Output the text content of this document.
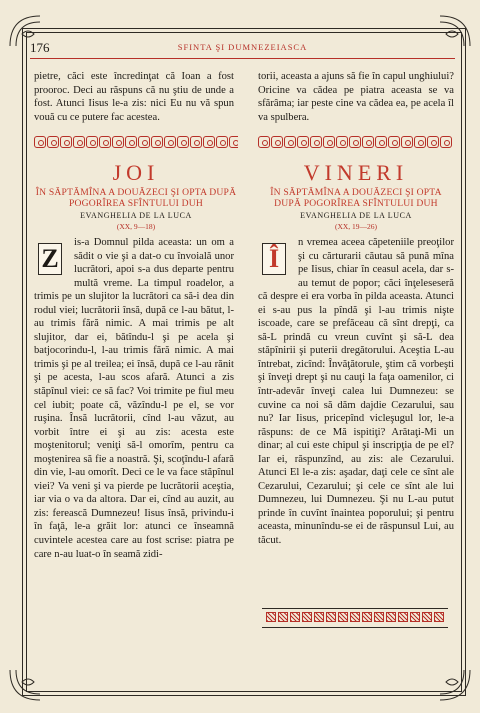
176	SFINTA ŞI DUMNEZEIASCA
pietre, căci este încredinţat că Ioan a fost prooroc. Deci au răspuns că nu ştiu de unde a fost. Atunci Iisus le-a zis: nici Eu nu vă spun vouă cu ce putere fac acestea.
torii, aceasta a ajuns să fie în capul unghiului? Oricine va cădea pe piatra aceasta se va sfărâma; iar peste cine va cădea ea, pe acela îl va spulbera.
JOI
ÎN SĂPTĂMÎNA A DOUĂZECI ŞI OPTA DUPĂ POGORÎREA SFÎNTULUI DUH
EVANGHELIA DE LA LUCA
(XX, 9—18)
VINERI
ÎN SĂPTĂMÎNA A DOUĂZECI ŞI OPTA DUPĂ POGORÎREA SFÎNTULUI DUH
EVANGHELIA DE LA LUCA
(XX, 19—26)
Z	Î
is-a Domnul pilda aceasta: un om a sădit o vie şi a dat-o cu învoială unor lucrători, apoi s-a dus departe pentru multă vreme. La timpul roadelor, a trimis pe un slujitor la lucrători ca să-i dea din rodul viei; lucrătorii însă, după ce l-au bătut, l-au trimis fără nimic. A mai trimis pe alt slujitor, dar ei, bătîndu-l şi pe acela şi batjocorindu-l, l-au trimis fără nimic. A mai trimis şi pe al treilea; ei însă, după ce l-au rănit şi pe acesta, l-au scos afară. Atunci a zis stăpînul viei: ce să fac? Voi trimite pe fiul meu cel iubit; poate că, văzîndu-l pe el, se vor ruşina. Însă lucrătorii, cînd l-au văzut, au vorbit între ei şi au zis: acesta este moştenitorul; veniţi să-l omorîm, pentru ca moştenirea să fie a noastră. Şi, scoţîndu-l afară din vie, l-au omorît. Deci ce le va face stăpînul viei? Va veni şi va pierde pe lucrătorii aceştia, iar via o va da altora. Dar ei, cînd au auzit, au zis: ferească Dumnezeu! Iisus însă, privindu-i în faţă, le-a grăit lor: atunci ce înseamnă cuvintele acestea care au fost scrise: piatra pe care n-au luat-o în seamă zidi-
n vremea aceea căpeteniile preoţilor şi cu cărturarii căutau să pună mîna pe Iisus, chiar în ceasul acela, dar s-au temut de popor; căci înţeleseseră că despre ei era vorba în pilda aceasta. Atunci ei s-au pus la pîndă şi l-au trimis nişte iscoade, care se prefăceau că sînt drepţi, ca să-L prindă cu vreun cuvînt şi să-L dea stăpînirii şi puterii dregătorului. Aceştia L-au întrebat, zicînd: Învăţătorule, ştim că vorbeşti şi înveţi drept şi nu cauţi la faţa oamenilor, ci într-adevăr înveţi calea lui Dumnezeu: se cuvine ca noi să dăm dajdie Cezarului, sau nu? Iar Iisus, pricepînd vicleşugul lor, le-a răspuns: de ce Mă ispitiţi? Arătaţi-Mi un dinar; al cui este chipul şi inscripţia de pe el? Iar ei, răspunzînd, au zis: ale Cezarului. Atunci El le-a zis: aşadar, daţi cele ce sînt ale Cezarului, Cezarului; şi cele ce sînt ale lui Dumnezeu, lui Dumnezeu. Şi nu L-au putut prinde în cuvînt înaintea poporului; şi pentru aceasta, minunîndu-se ei de răspunsul Lui, au tăcut.
